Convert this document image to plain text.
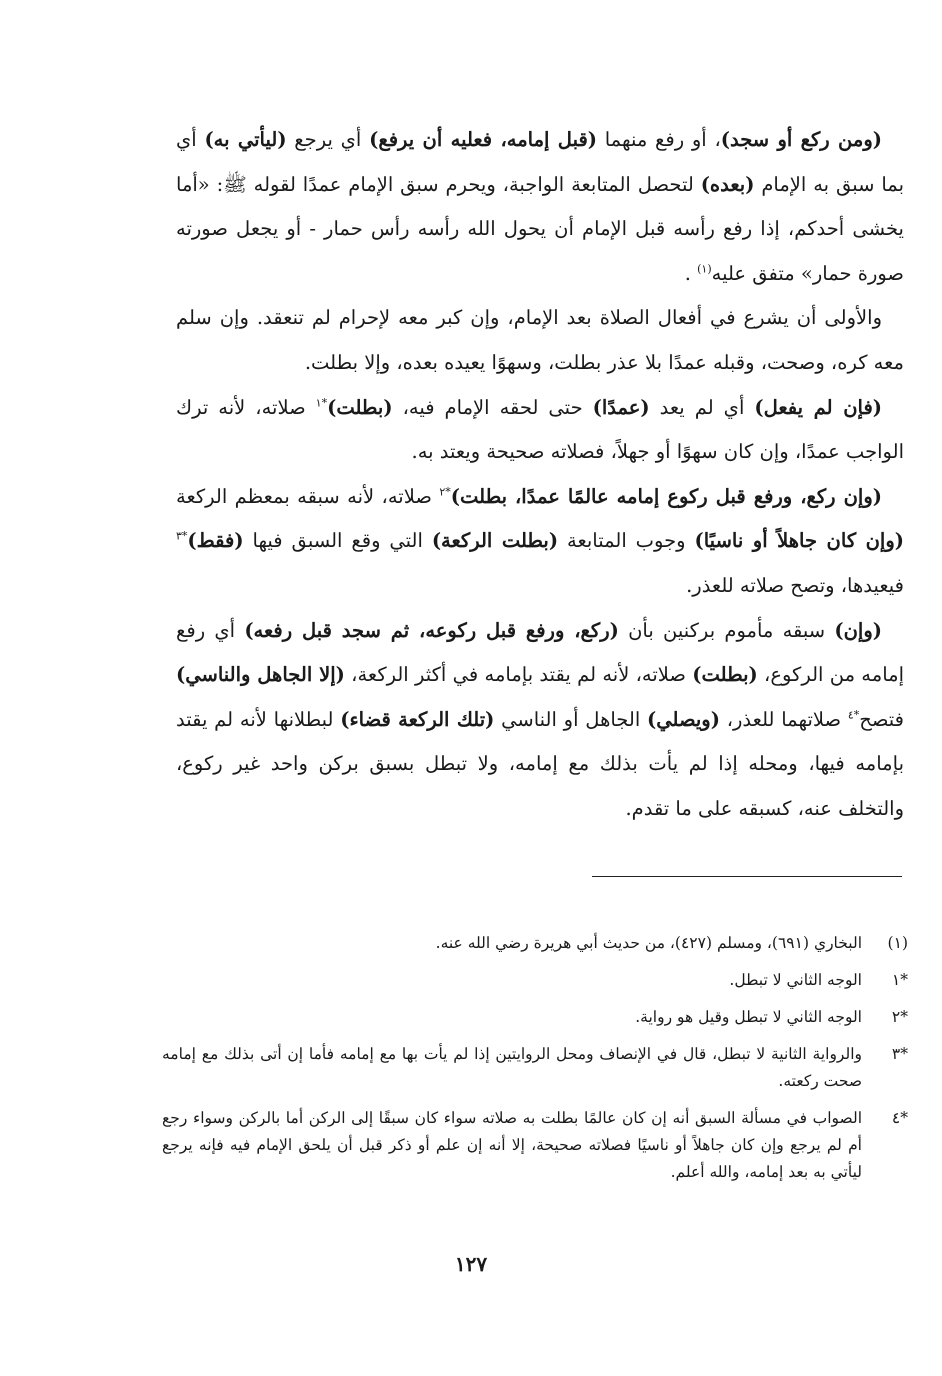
(ومن ركع أو سجد)، أو رفع منهما (قبل إمامه، فعليه أن يرفع) أي يرجع (ليأتي به) أي بما سبق به الإمام (بعده) لتحصل المتابعة الواجبة، ويحرم سبق الإمام عمدًا لقوله ﷺ: «أما يخشى أحدكم، إذا رفع رأسه قبل الإمام أن يحول الله رأسه رأس حمار - أو يجعل صورته صورة حمار» متفق عليه$^{(١)}$ .

والأولى أن يشرع في أفعال الصلاة بعد الإمام، وإن كبر معه لإحرام لم تنعقد. وإن سلم معه كره، وصحت، وقبله عمدًا بلا عذر بطلت، وسهوًا يعيده بعده، وإلا بطلت.

(فإن لم يفعل) أي لم يعد (عمدًا) حتى لحقه الإمام فيه، (بطلت)$^{*١}$ صلاته، لأنه ترك الواجب عمدًا، وإن كان سهوًا أو جهلاً، فصلاته صحيحة ويعتد به.

(وإن ركع، ورفع قبل ركوع إمامه عالمًا عمدًا، بطلت)$^{*٢}$ صلاته، لأنه سبقه بمعظم الركعة (وإن كان جاهلاً أو ناسيًا) وجوب المتابعة (بطلت الركعة) التي وقع السبق فيها (فقط)$^{*٣}$ فيعيدها، وتصح صلاته للعذر.

(وإن) سبقه مأموم بركنين بأن (ركع، ورفع قبل ركوعه، ثم سجد قبل رفعه) أي رفع إمامه من الركوع، (بطلت) صلاته، لأنه لم يقتد بإمامه في أكثر الركعة، (إلا الجاهل والناسي) فتصح$^{*٤}$ صلاتهما للعذر، (ويصلي) الجاهل أو الناسي (تلك الركعة قضاء) لبطلانها لأنه لم يقتد بإمامه فيها، ومحله إذا لم يأت بذلك مع إمامه، ولا تبطل بسبق بركن واحد غير ركوع، والتخلف عنه، كسبقه على ما تقدم.

(١)
البخاري (٦٩١)، ومسلم (٤٢٧)، من حديث أبي هريرة رضي الله عنه.
*١
الوجه الثاني لا تبطل.
*٢
الوجه الثاني لا تبطل وقيل هو رواية.
*٣
والرواية الثانية لا تبطل، قال في الإنصاف ومحل الروايتين إذا لم يأت بها مع إمامه فأما إن أتى بذلك مع إمامه صحت ركعته.
*٤
الصواب في مسألة السبق أنه إن كان عالمًا بطلت به صلاته سواء كان سبقًا إلى الركن أما بالركن وسواء رجع أم لم يرجع وإن كان جاهلاً أو ناسيًا فصلاته صحيحة، إلا أنه إن علم أو ذكر قبل أن يلحق الإمام فيه فإنه يرجع ليأتي به بعد إمامه، والله أعلم.
١٢٧
